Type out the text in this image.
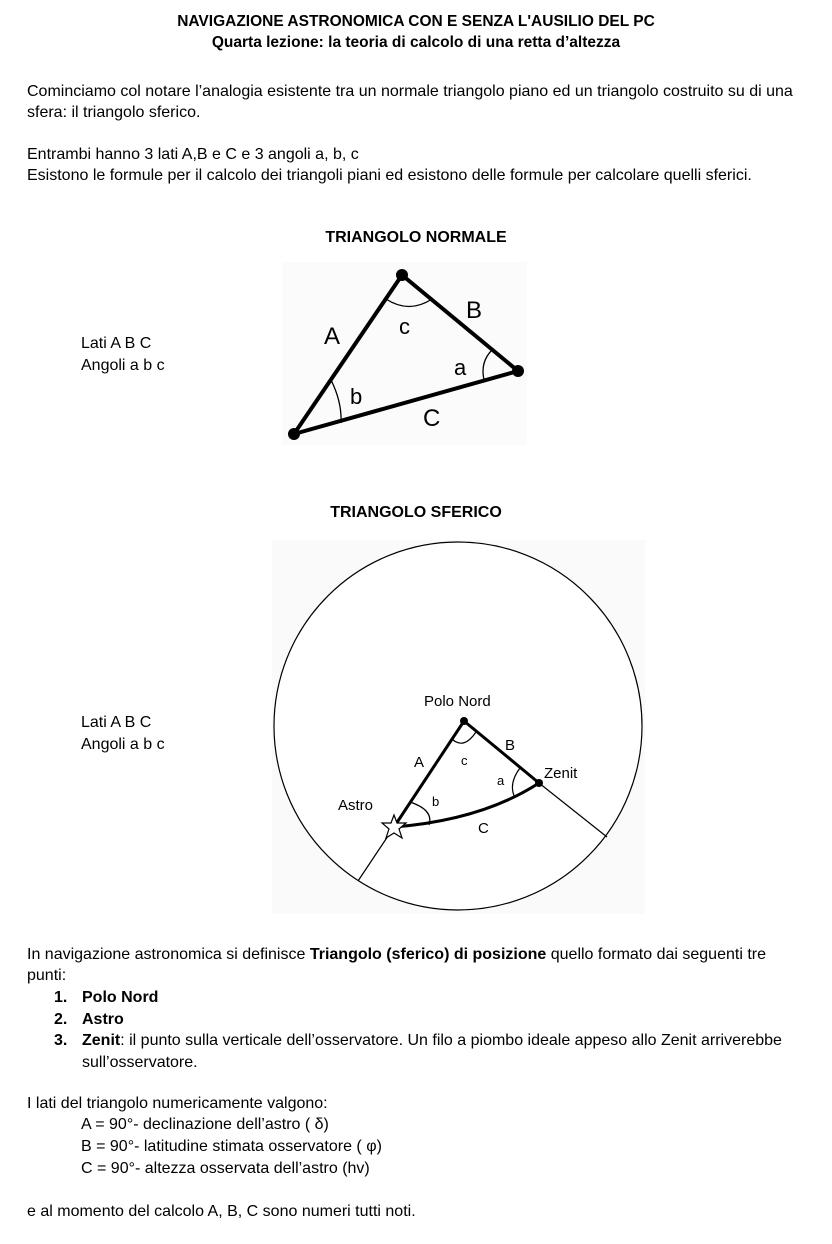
NAVIGAZIONE ASTRONOMICA CON E SENZA L'AUSILIO DEL PC
Quarta lezione: la teoria di calcolo di una retta d’altezza
Cominciamo col notare l’analogia esistente tra un normale triangolo piano ed un triangolo costruito su di una sfera: il triangolo sferico.
Entrambi hanno 3 lati A,B e C e 3 angoli a, b, c
Esistono le formule per il calcolo dei triangoli piani ed esistono delle formule per calcolare quelli sferici.
TRIANGOLO NORMALE
Lati A B C
Angoli a b c
A
B
C
a
b
c
TRIANGOLO SFERICO
Lati A B C
Angoli a b c
Polo Nord
Zenit
Astro
A
B
C
a
b
c
In navigazione astronomica si definisce Triangolo (sferico) di posizione quello formato dai seguenti tre punti:
1. Polo Nord
2. Astro
3. Zenit: il punto sulla verticale dell’osservatore. Un filo a piombo ideale appeso allo Zenit arriverebbe sull’osservatore.
I lati del triangolo numericamente valgono:
A = 90°- declinazione dell’astro ( δ)
B = 90°- latitudine stimata osservatore ( φ)
C = 90°- altezza osservata dell’astro (hv)
e al momento del calcolo A, B, C sono numeri tutti noti.
